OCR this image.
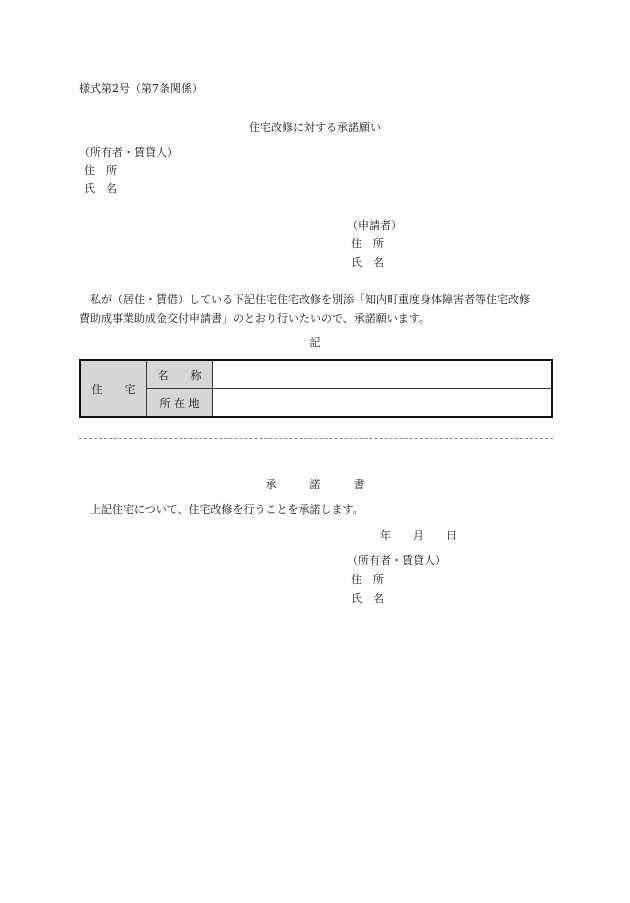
様式第2号（第7条関係）
住宅改修に対する承諾願い
（所有者・賃貸人）
住　所
氏　名
（申請者）
住　所
氏　名
私が（居住・賃借）している下記住宅住宅改修を別添「知内町重度身体障害者等住宅改修
費助成事業助成金交付申請書」のとおり行いたいので、承諾願います。
記
住　　宅	名　　称	
	所 在 地	
承　　　諾　　　書
上記住宅について、住宅改修を行うことを承諾します。
年　　月　　日
（所有者・賃貸人）
住　所
氏　名
